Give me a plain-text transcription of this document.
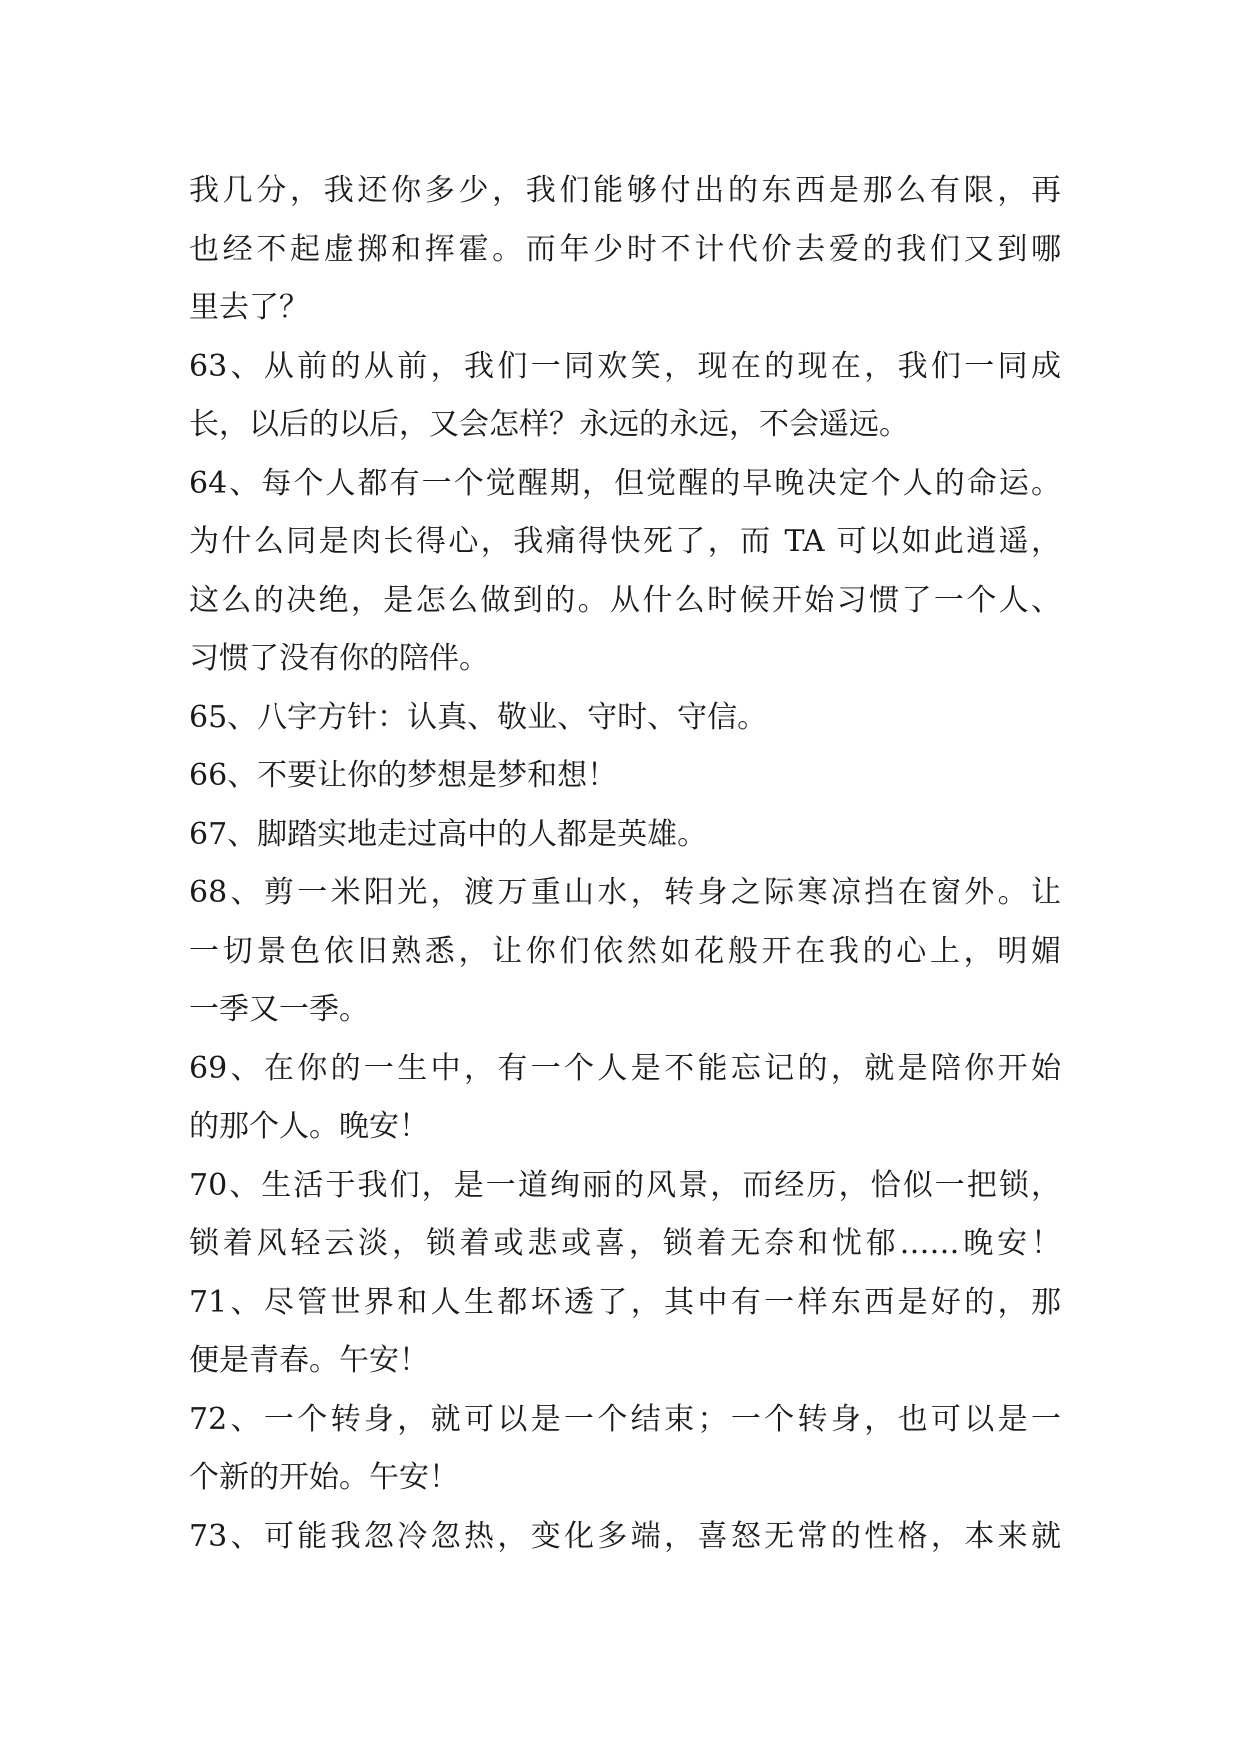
我几分，我还你多少，我们能够付出的东西是那么有限，再
也经不起虚掷和挥霍。而年少时不计代价去爱的我们又到哪
里去了？
63、从前的从前，我们一同欢笑，现在的现在，我们一同成
长，以后的以后，又会怎样？永远的永远，不会遥远。
64、每个人都有一个觉醒期，但觉醒的早晚决定个人的命运。
为什么同是肉长得心，我痛得快死了，而 TA 可以如此逍遥，
这么的决绝，是怎么做到的。从什么时候开始习惯了一个人、
习惯了没有你的陪伴。
65、八字方针：认真、敬业、守时、守信。
66、不要让你的梦想是梦和想！
67、脚踏实地走过高中的人都是英雄。
68、剪一米阳光，渡万重山水，转身之际寒凉挡在窗外。让
一切景色依旧熟悉，让你们依然如花般开在我的心上，明媚
一季又一季。
69、在你的一生中，有一个人是不能忘记的，就是陪你开始
的那个人。晚安！
70、生活于我们，是一道绚丽的风景，而经历，恰似一把锁，
锁着风轻云淡，锁着或悲或喜，锁着无奈和忧郁……晚安！
71、尽管世界和人生都坏透了，其中有一样东西是好的，那
便是青春。午安！
72、一个转身，就可以是一个结束；一个转身，也可以是一
个新的开始。午安！
73、可能我忽冷忽热，变化多端，喜怒无常的性格，本来就
